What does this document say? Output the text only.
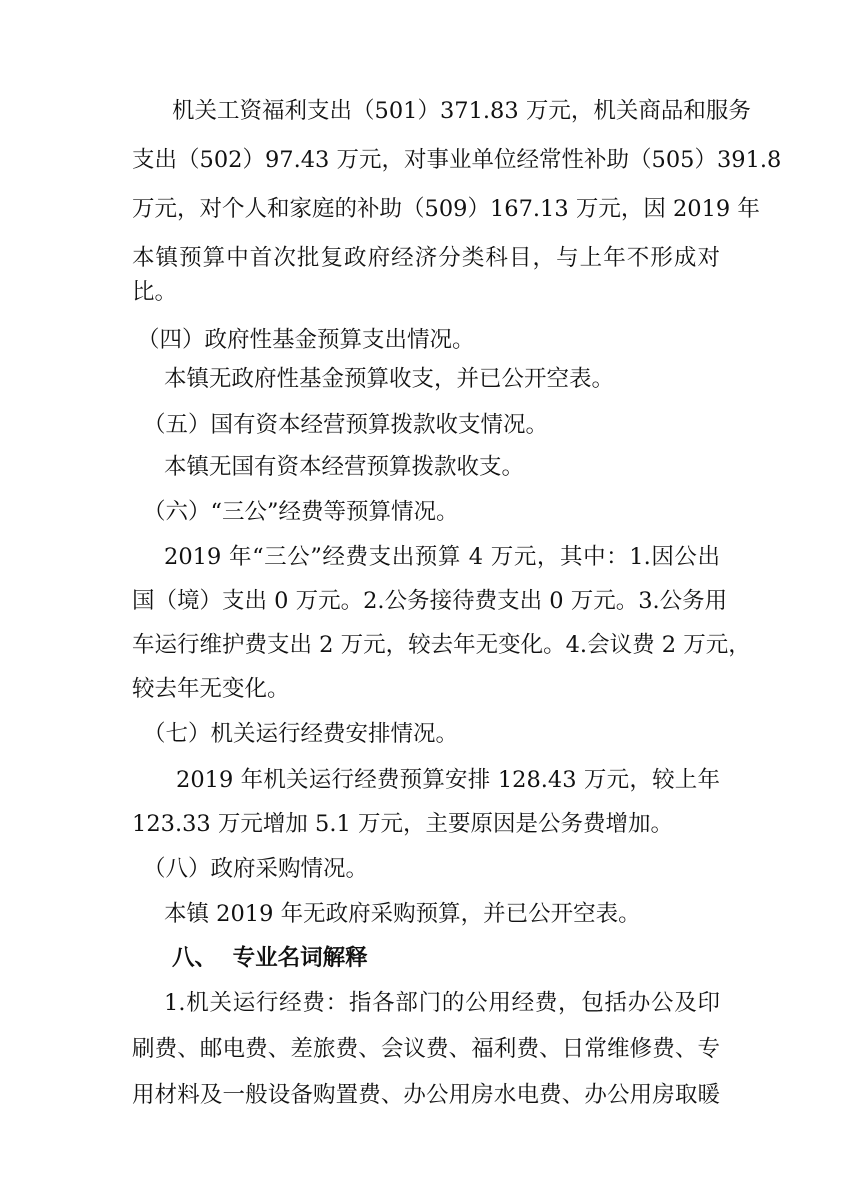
机关工资福利支出（501）371.83 万元，机关商品和服务
支出（502）97.43 万元，对事业单位经常性补助（505）391.8
万元，对个人和家庭的补助（509）167.13 万元，因 2019 年
本镇预算中首次批复政府经济分类科目，与上年不形成对
比。
（四）政府性基金预算支出情况。
本镇无政府性基金预算收支，并已公开空表。
（五）国有资本经营预算拨款收支情况。
本镇无国有资本经营预算拨款收支。
（六）“三公”经费等预算情况。
2019 年“三公”经费支出预算 4 万元，其中：1.因公出
国（境）支出 0 万元。2.公务接待费支出 0 万元。3.公务用
车运行维护费支出 2 万元，较去年无变化。4.会议费 2 万元，
较去年无变化。
（七）机关运行经费安排情况。
2019 年机关运行经费预算安排 128.43 万元，较上年
123.33 万元增加 5.1 万元，主要原因是公务费增加。
（八）政府采购情况。
本镇 2019 年无政府采购预算，并已公开空表。
八、  专业名词解释
1.机关运行经费：指各部门的公用经费，包括办公及印
刷费、邮电费、差旅费、会议费、福利费、日常维修费、专
用材料及一般设备购置费、办公用房水电费、办公用房取暖
